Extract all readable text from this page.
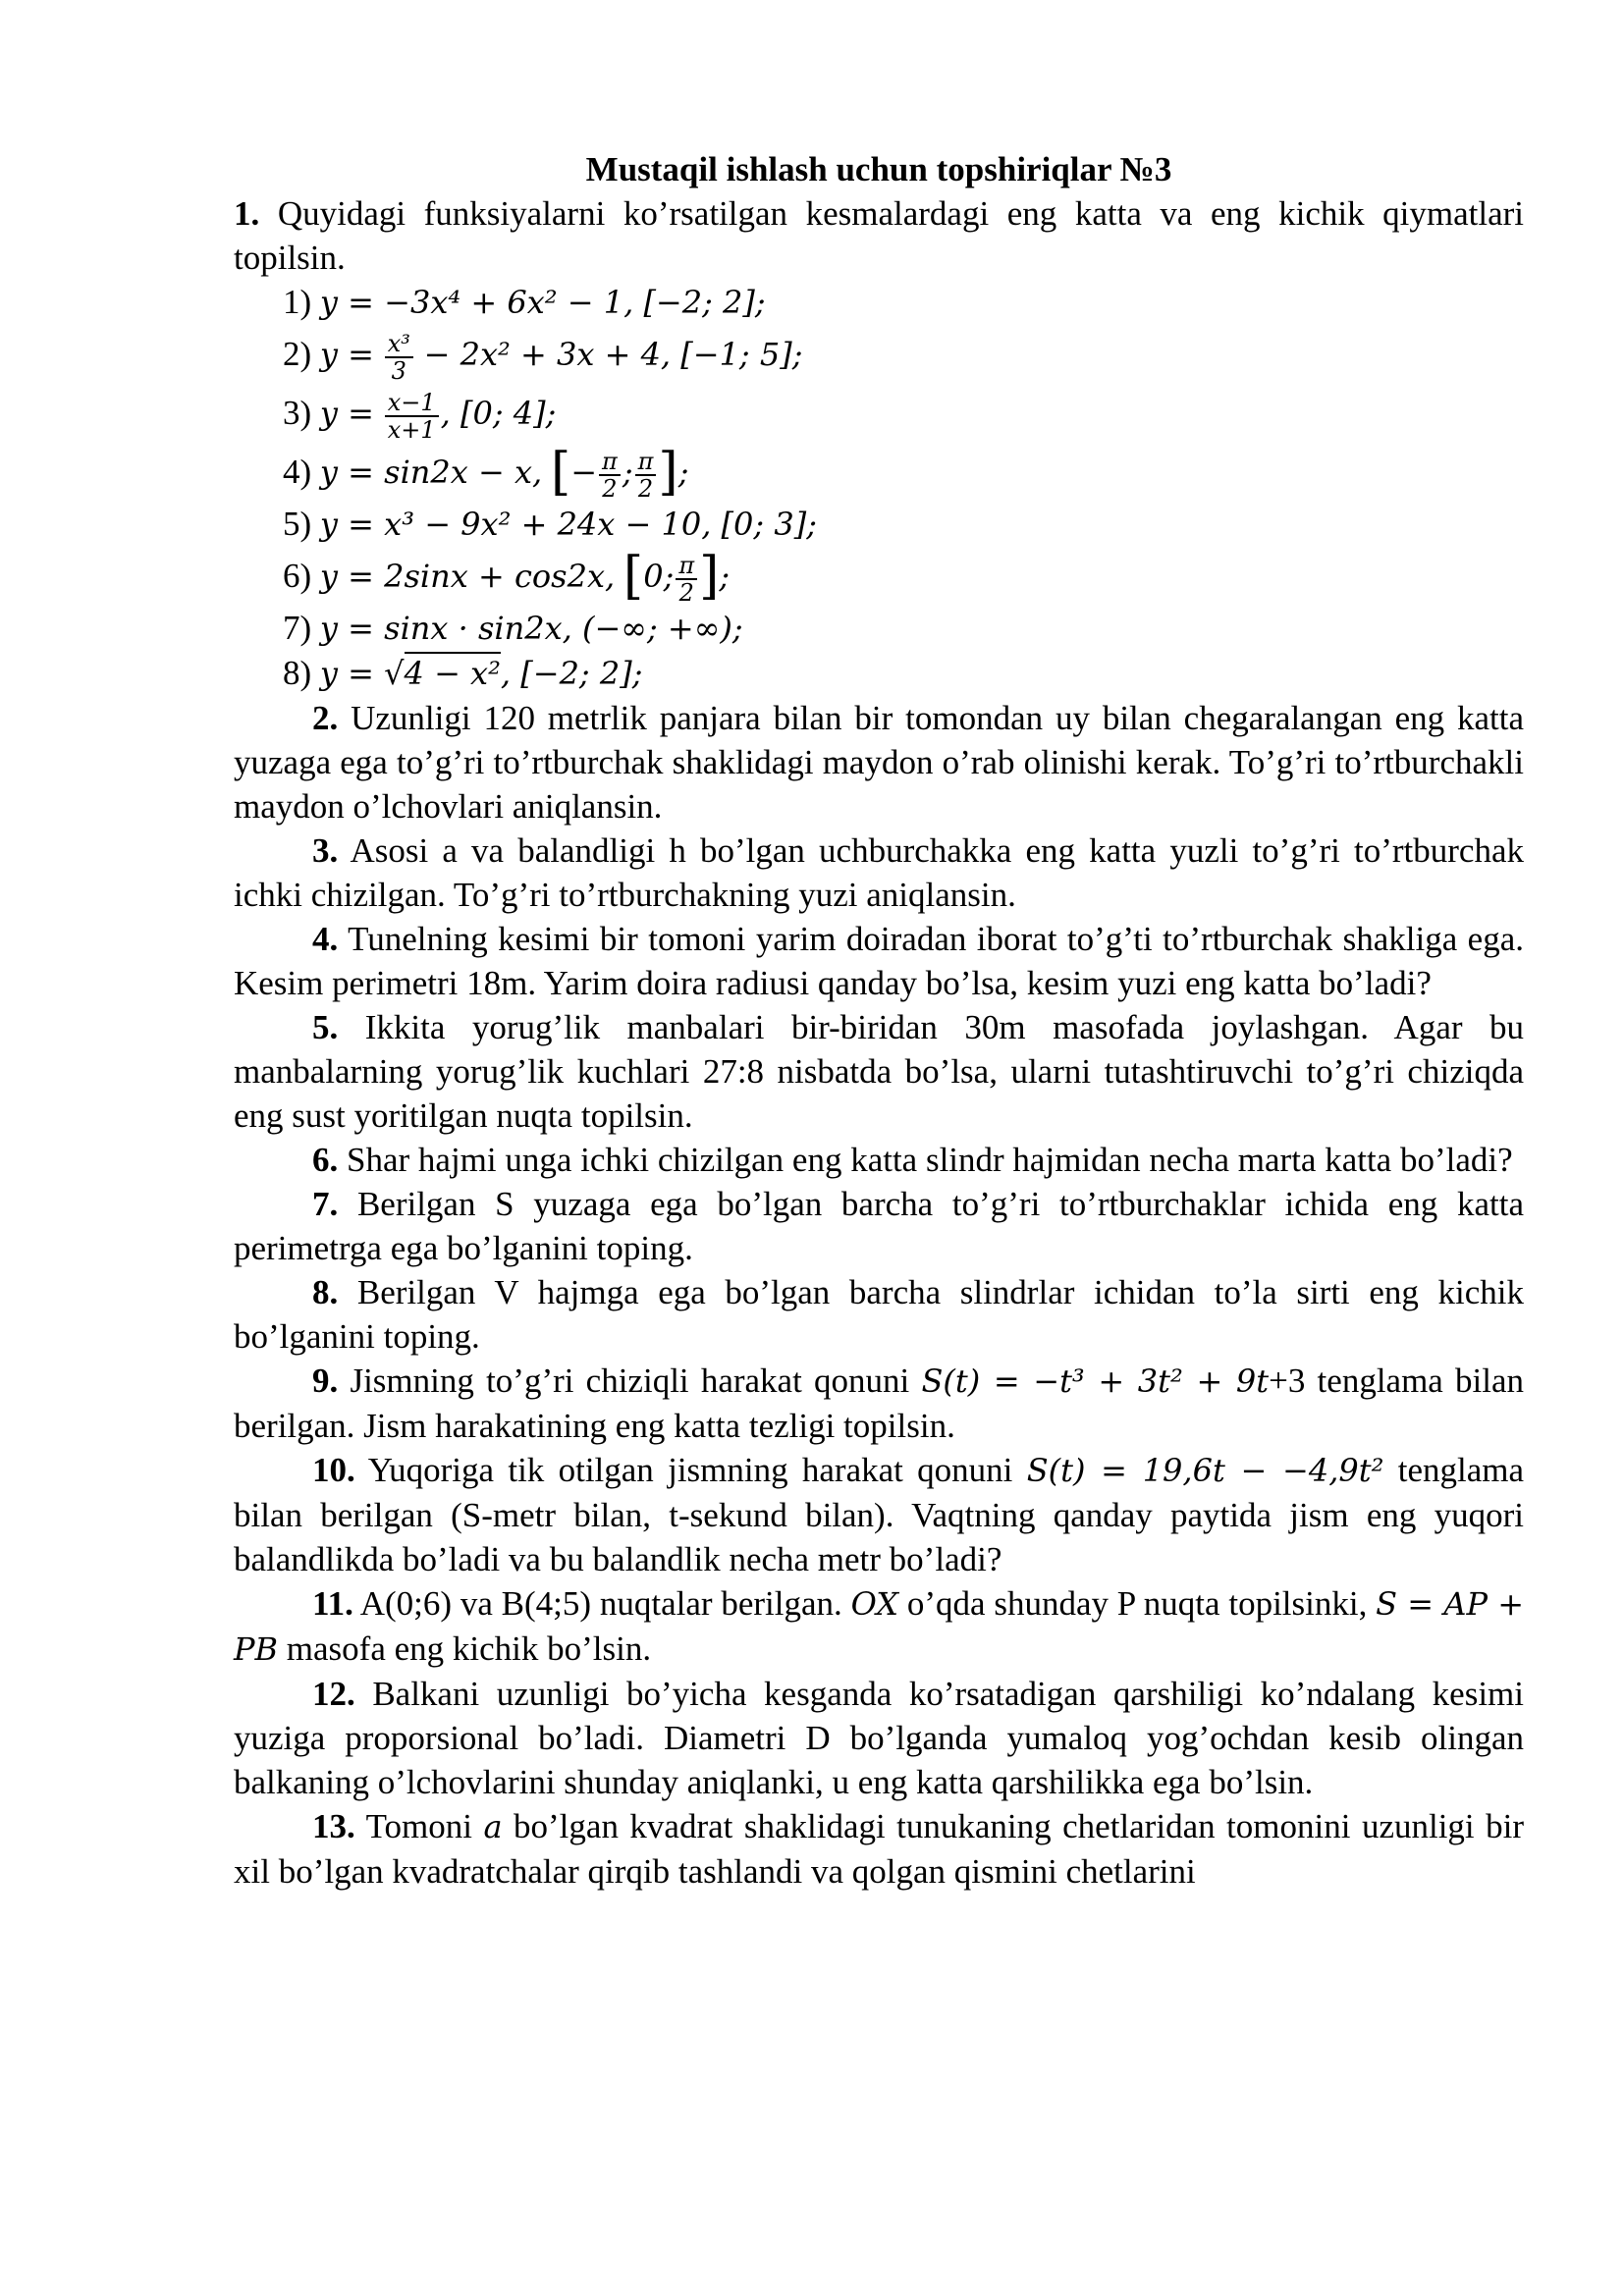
Mustaqil ishlash uchun topshiriqlar №3

1. Quyidagi funksiyalarni ko’rsatilgan kesmalardagi eng katta va eng kichik qiymatlari topilsin.

1) y = −3x⁴ + 6x² − 1, [−2; 2];
2) $y = \frac{\text{x³}}{3} - 2x^2 + 3x + 4$, [−1; 5];
3) $y = \frac{x-1}{x+1}$ , [0; 4];
4) y = sin2x − x, [− $\frac{\pi}{2}$ ; $\frac{\pi}{2}$ ];
5) y = x³ − 9x² + 24x − 10, [0; 3];
6) y = 2sinx + cos2x, [0; $\frac{\pi}{2}$ ];
7) y = sinx · sin2x, (−∞; +∞);
8) y = √4 − x², [−2; 2];

2. Uzunligi 120 metrlik panjara bilan bir tomondan uy bilan chegaralangan eng katta yuzaga ega to’g’ri to’rtburchak shaklidagi maydon o’rab olinishi kerak. To’g’ri to’rtburchakli maydon o’lchovlari aniqlansin.

3. Asosi a va balandligi h bo’lgan uchburchakka eng katta yuzli to’g’ri to’rtburchak ichki chizilgan. To’g’ri to’rtburchakning yuzi aniqlansin.

4. Tunelning kesimi bir tomoni yarim doiradan iborat to’g’ti to’rtburchak shakliga ega. Kesim perimetri 18m. Yarim doira radiusi qanday bo’lsa, kesim yuzi eng katta bo’ladi?

5. Ikkita yorug’lik manbalari bir-biridan 30m masofada joylashgan. Agar bu manbalarning yorug’lik kuchlari 27:8 nisbatda bo’lsa, ularni tutashtiruvchi to’g’ri chiziqda eng sust yoritilgan nuqta topilsin.

6. Shar hajmi unga ichki chizilgan eng katta slindr hajmidan necha marta katta bo’ladi?

7. Berilgan S yuzaga ega bo’lgan barcha to’g’ri to’rtburchaklar ichida eng katta perimetrga ega bo’lganini toping.

8. Berilgan V hajmga ega bo’lgan barcha slindrlar ichidan to’la sirti eng kichik bo’lganini toping.

9. Jismning to’g’ri chiziqli harakat qonuni S(t) = −t³ + 3t² + 9t+3 tenglama bilan berilgan. Jism harakatining eng katta tezligi topilsin.

10. Yuqoriga tik otilgan jismning harakat qonuni S(t) = 19,6t − −4,9t² tenglama bilan berilgan (S-metr bilan, t-sekund bilan). Vaqtning qanday paytida jism eng yuqori balandlikda bo’ladi va bu balandlik necha metr bo’ladi?

11. A(0;6) va B(4;5) nuqtalar berilgan. OX o’qda shunday P nuqta topilsinki, S = AP + PB masofa eng kichik bo’lsin.

12. Balkani uzunligi bo’yicha kesganda ko’rsatadigan qarshiligi ko’ndalang kesimi yuziga proporsional bo’ladi. Diametri D bo’lganda yumaloq yog’ochdan kesib olingan balkaning o’lchovlarini shunday aniqlanki, u eng katta qarshilikka ega bo’lsin.

13. Tomoni a bo’lgan kvadrat shaklidagi tunukaning chetlaridan tomonini uzunligi bir xil bo’lgan kvadratchalar qirqib tashlandi va qolgan qismini chetlarini
